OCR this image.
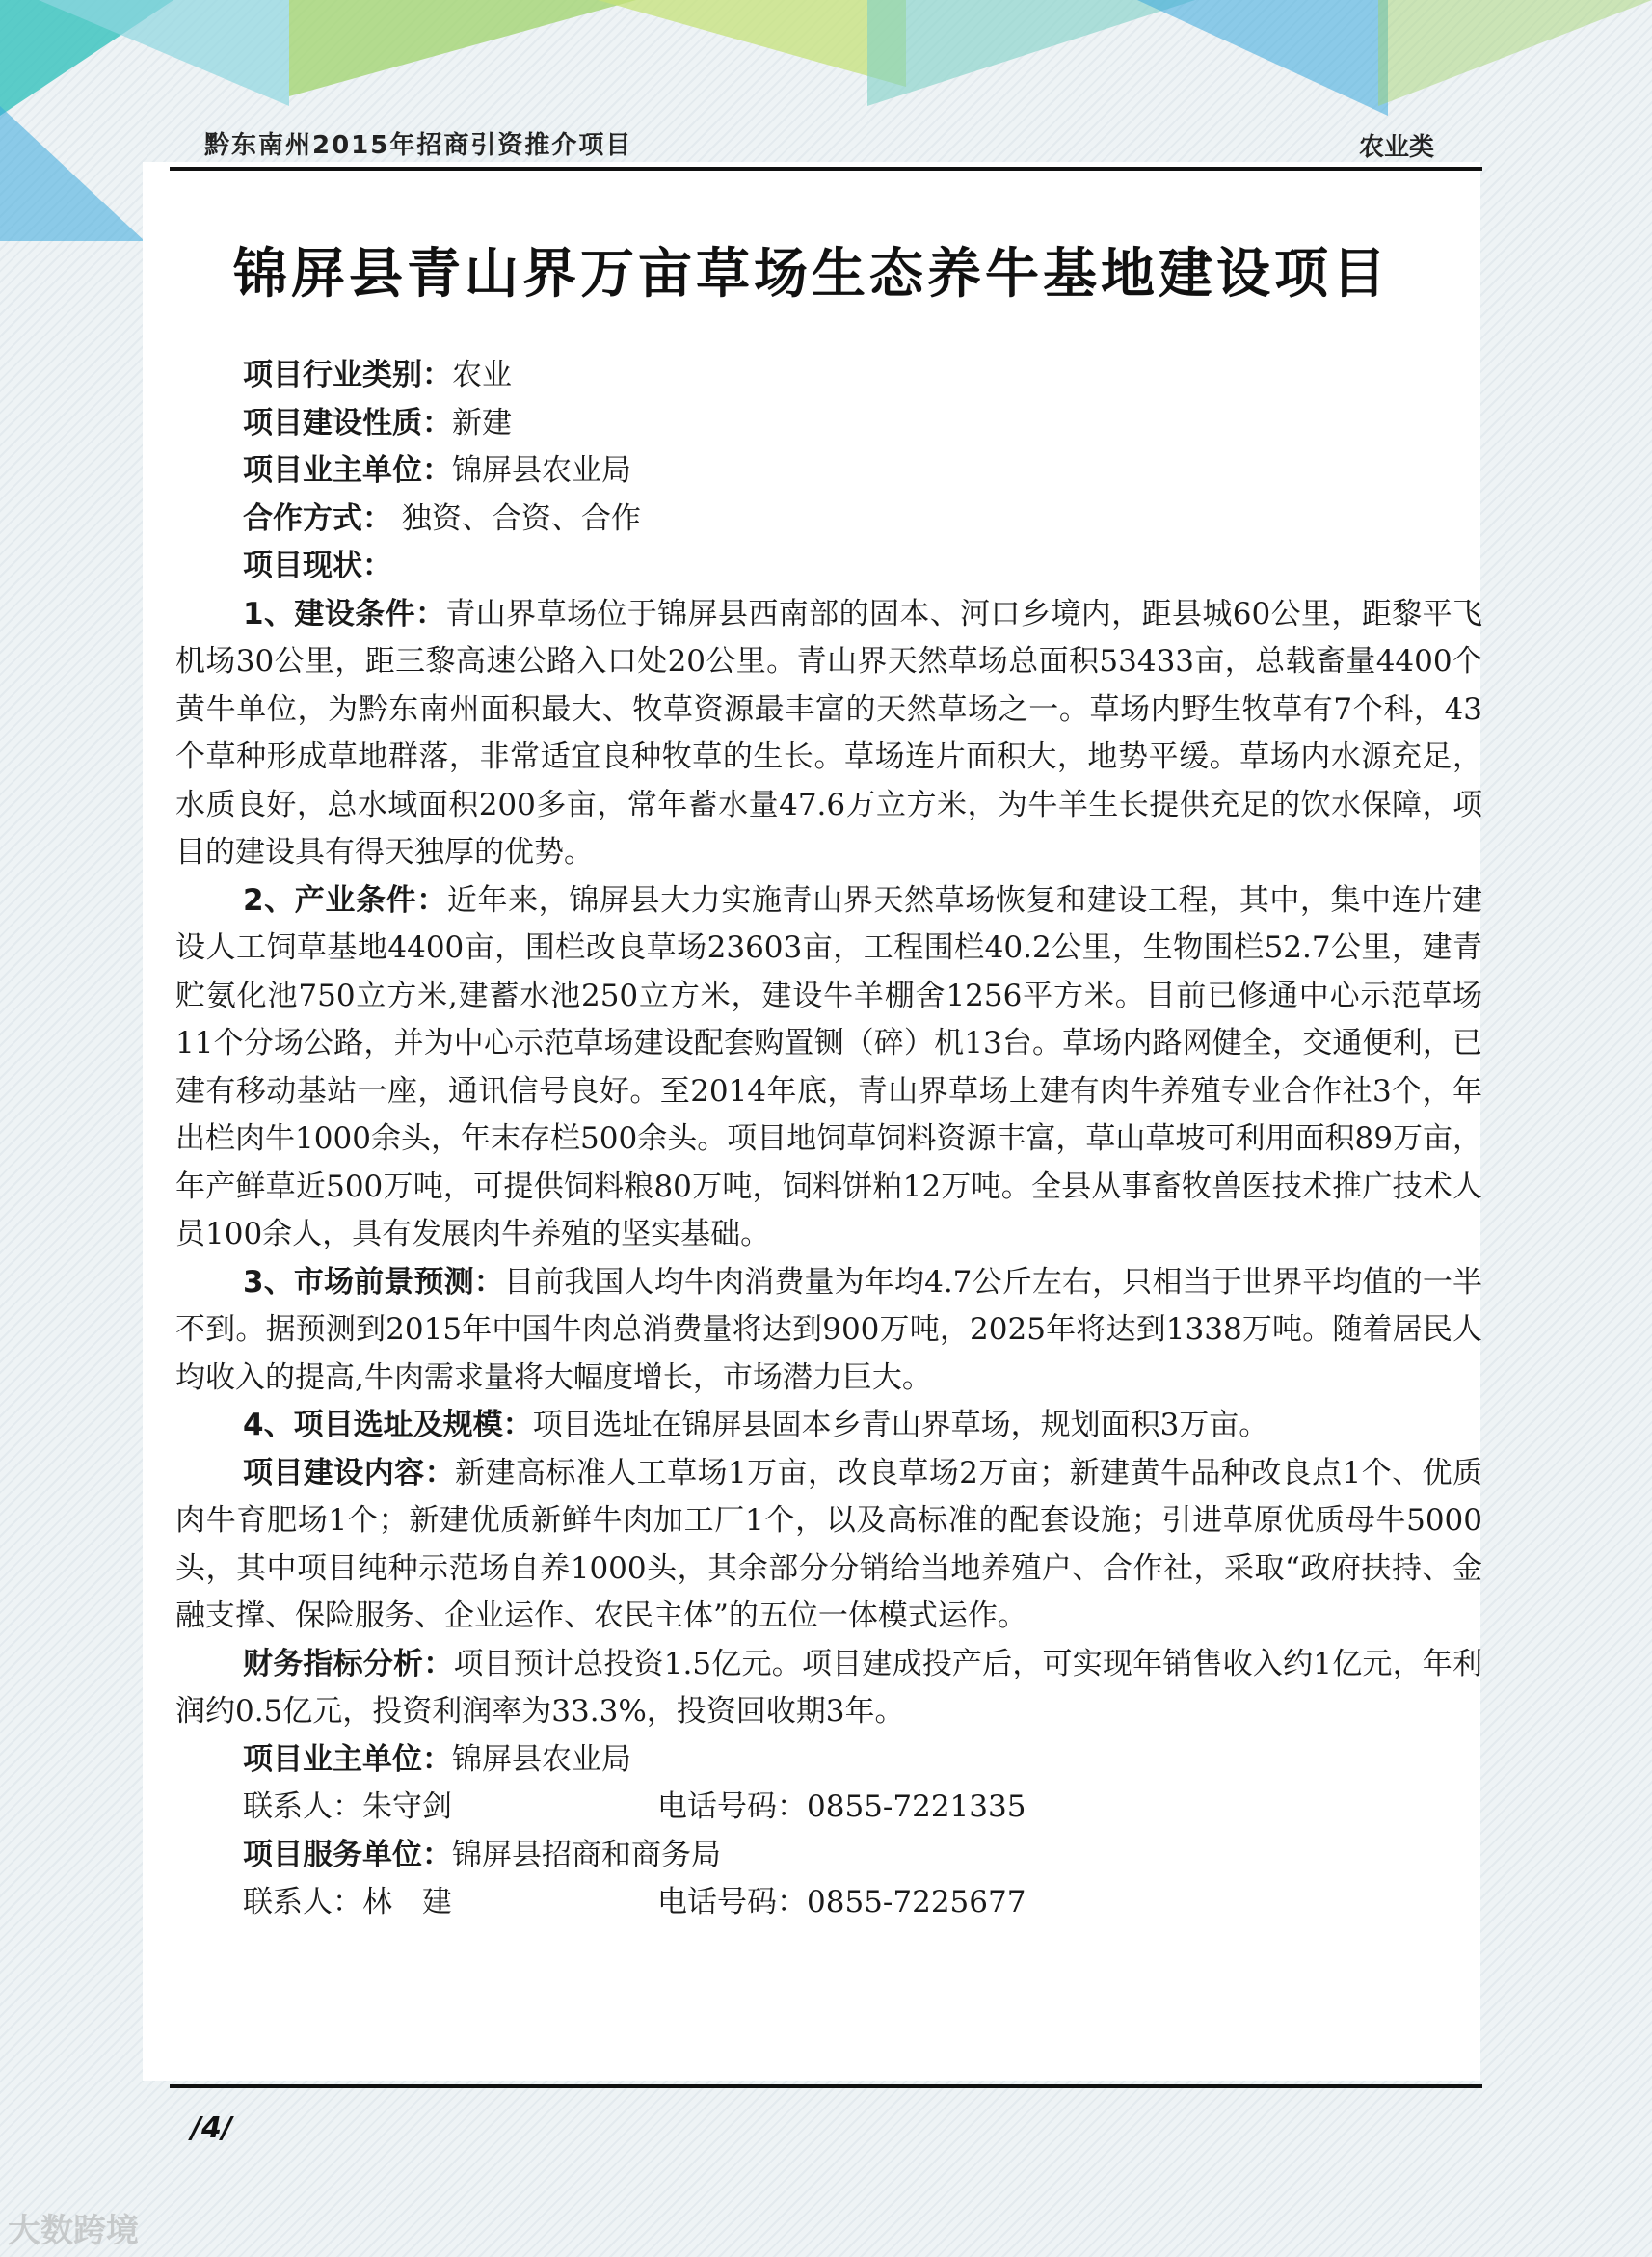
黔东南州2015年招商引资推介项目	农业类
锦屏县青山界万亩草场生态养牛基地建设项目

项目行业类别：农业

项目建设性质：新建

项目业主单位：锦屏县农业局

合作方式： 独资、合资、合作

项目现状：

1、建设条件：青山界草场位于锦屏县西南部的固本、河口乡境内，距县城60公里，距黎平飞机场30公里，距三黎高速公路入口处20公里。青山界天然草场总面积53433亩，总载畜量4400个黄牛单位，为黔东南州面积最大、牧草资源最丰富的天然草场之一。草场内野生牧草有7个科，43个草种形成草地群落，非常适宜良种牧草的生长。草场连片面积大，地势平缓。草场内水源充足，水质良好，总水域面积200多亩，常年蓄水量47.6万立方米，为牛羊生长提供充足的饮水保障，项目的建设具有得天独厚的优势。

2、产业条件：近年来，锦屏县大力实施青山界天然草场恢复和建设工程，其中，集中连片建设人工饲草基地4400亩，围栏改良草场23603亩，工程围栏40.2公里，生物围栏52.7公里，建青贮氨化池750立方米,建蓄水池250立方米，建设牛羊棚舍1256平方米。目前已修通中心示范草场11个分场公路，并为中心示范草场建设配套购置铡（碎）机13台。草场内路网健全，交通便利，已建有移动基站一座，通讯信号良好。至2014年底，青山界草场上建有肉牛养殖专业合作社3个，年出栏肉牛1000余头，年末存栏500余头。项目地饲草饲料资源丰富，草山草坡可利用面积89万亩，年产鲜草近500万吨，可提供饲料粮80万吨，饲料饼粕12万吨。全县从事畜牧兽医技术推广技术人员100余人，具有发展肉牛养殖的坚实基础。

3、市场前景预测：目前我国人均牛肉消费量为年均4.7公斤左右，只相当于世界平均值的一半不到。据预测到2015年中国牛肉总消费量将达到900万吨，2025年将达到1338万吨。随着居民人均收入的提高,牛肉需求量将大幅度增长，市场潜力巨大。

4、项目选址及规模：项目选址在锦屏县固本乡青山界草场，规划面积3万亩。

项目建设内容：新建高标准人工草场1万亩，改良草场2万亩；新建黄牛品种改良点1个、优质肉牛育肥场1个；新建优质新鲜牛肉加工厂1个，以及高标准的配套设施；引进草原优质母牛5000头，其中项目纯种示范场自养1000头，其余部分分销给当地养殖户、合作社，采取“政府扶持、金融支撑、保险服务、企业运作、农民主体”的五位一体模式运作。

财务指标分析：项目预计总投资1.5亿元。项目建成投产后，可实现年销售收入约1亿元，年利润约0.5亿元，投资利润率为33.3%，投资回收期3年。

项目业主单位：锦屏县农业局

联系人：朱守剑	电话号码：0855-7221335

项目服务单位：锦屏县招商和商务局

联系人：林　建	电话号码：0855-7225677

/4/
大数跨境
